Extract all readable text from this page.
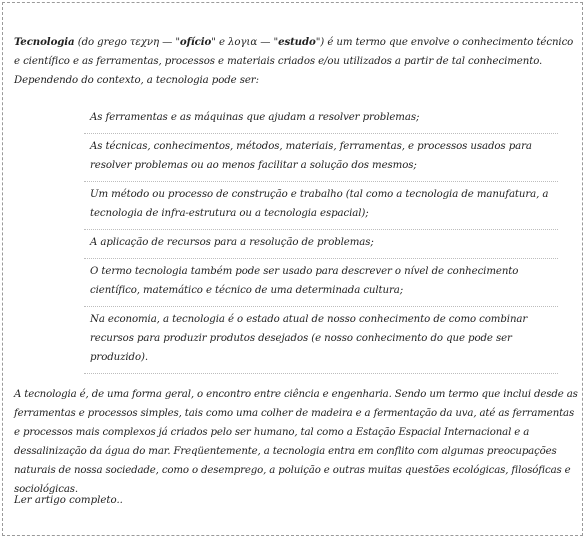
Tecnologia (do grego τεχνη — "ofício" e λογια — "estudo") é um termo que envolve o conhecimento técnico e científico e as ferramentas, processos e materiais criados e/ou utilizados a partir de tal conhecimento. Dependendo do contexto, a tecnologia pode ser:

As ferramentas e as máquinas que ajudam a resolver problemas;
As técnicas, conhecimentos, métodos, materiais, ferramentas, e processos usados para resolver problemas ou ao menos facilitar a solução dos mesmos;
Um método ou processo de construção e trabalho (tal como a tecnologia de manufatura, a tecnologia de infra-estrutura ou a tecnologia espacial);
A aplicação de recursos para a resolução de problemas;
O termo tecnologia também pode ser usado para descrever o nível de conhecimento científico, matemático e técnico de uma determinada cultura;
Na economia, a tecnologia é o estado atual de nosso conhecimento de como combinar recursos para produzir produtos desejados (e nosso conhecimento do que pode ser produzido).

A tecnologia é, de uma forma geral, o encontro entre ciência e engenharia. Sendo um termo que inclui desde as ferramentas e processos simples, tais como uma colher de madeira e a fermentação da uva, até as ferramentas e processos mais complexos já criados pelo ser humano, tal como a Estação Espacial Internacional e a dessalinização da água do mar. Freqüentemente, a tecnologia entra em conflito com algumas preocupações naturais de nossa sociedade, como o desemprego, a poluição e outras muitas questões ecológicas, filosóficas e sociológicas.

Ler artigo completo..
